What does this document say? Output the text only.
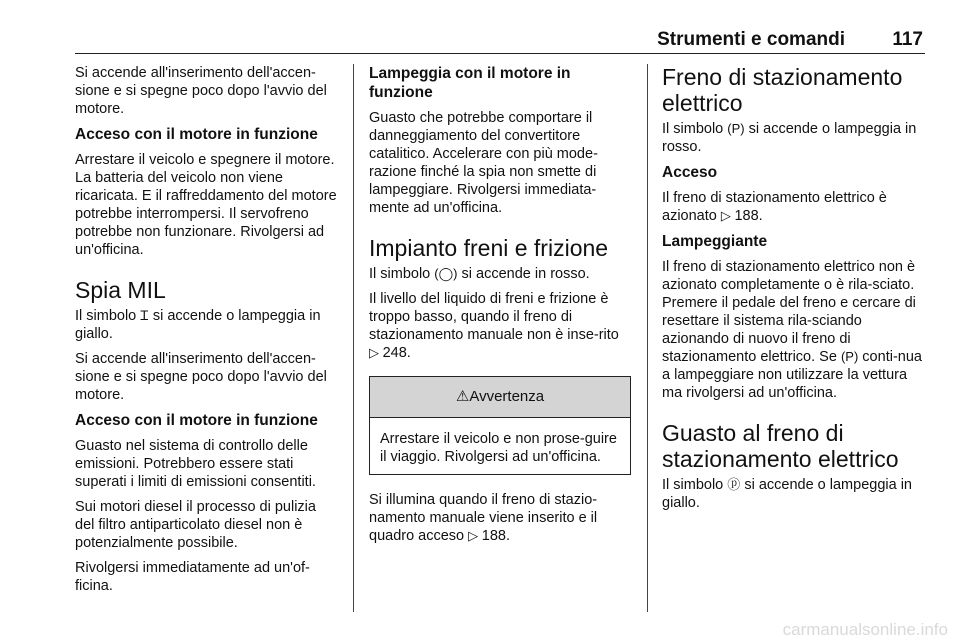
Strumenti e comandi 117

Si accende all'inserimento dell'accen-sione e si spegne poco dopo l'avvio del motore.

Acceso con il motore in funzione

Arrestare il veicolo e spegnere il motore. La batteria del veicolo non viene ricaricata. E il raffreddamento del motore potrebbe interrompersi. Il servofreno potrebbe non funzionare. Rivolgersi ad un'officina.

Spia MIL

Il simbolo Ꮖ si accende o lampeggia in giallo.

Si accende all'inserimento dell'accen-sione e si spegne poco dopo l'avvio del motore.

Acceso con il motore in funzione

Guasto nel sistema di controllo delle emissioni. Potrebbero essere stati superati i limiti di emissioni consentiti.

Sui motori diesel il processo di pulizia del filtro antiparticolato diesel non è potenzialmente possibile.

Rivolgersi immediatamente ad un'of-ficina.

Lampeggia con il motore in funzione

Guasto che potrebbe comportare il danneggiamento del convertitore catalitico. Accelerare con più mode-razione finché la spia non smette di lampeggiare. Rivolgersi immediata-mente ad un'officina.

Impianto freni e frizione

Il simbolo (◯) si accende in rosso.

Il livello del liquido di freni e frizione è troppo basso, quando il freno di stazionamento manuale non è inse-rito ▷ 248.

⚠Avvertenza

Arrestare il veicolo e non prose-guire il viaggio. Rivolgersi ad un'officina.

Si illumina quando il freno di stazio-namento manuale viene inserito e il quadro acceso ▷ 188.

Freno di stazionamento elettrico

Il simbolo (P) si accende o lampeggia in rosso.

Acceso

Il freno di stazionamento elettrico è azionato ▷ 188.

Lampeggiante

Il freno di stazionamento elettrico non è azionato completamente o è rila-sciato. Premere il pedale del freno e cercare di resettare il sistema rila-sciando azionando di nuovo il freno di stazionamento elettrico. Se (P) conti-nua a lampeggiare non utilizzare la vettura ma rivolgersi ad un'officina.

Guasto al freno di stazionamento elettrico

Il simbolo ⓟ si accende o lampeggia in giallo.

carmanualsonline.info
